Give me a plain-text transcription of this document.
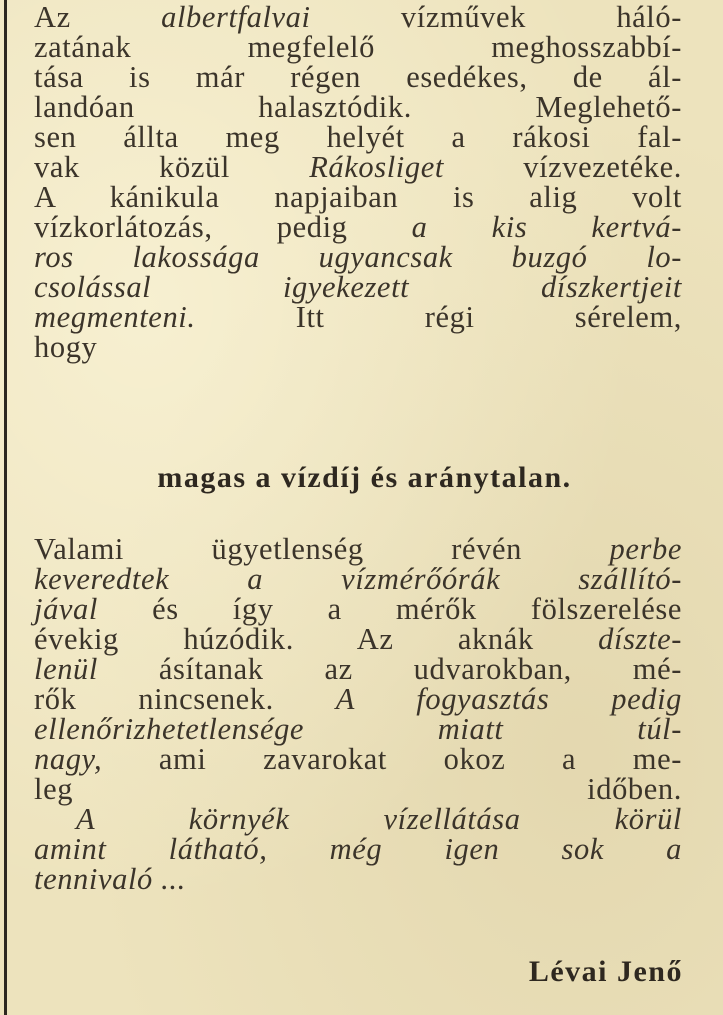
Az albertfalvai vízművek háló-
zatának megfelelő meghosszabbí-
tása is már régen esedékes, de ál-
landóan halasztódik. Meglehető-
sen állta meg helyét a rákosi fal-
vak közül Rákosliget vízvezetéke.
A kánikula napjaiban is alig volt
vízkorlátozás, pedig a kis kertvá-
ros lakossága ugyancsak buzgó lo-
csolással igyekezett díszkertjeit
megmenteni. Itt régi sérelem,
hogy
magas a vízdíj és aránytalan.
Valami ügyetlenség révén perbe
keveredtek a vízmérőórák szállító-
jával és így a mérők fölszerelése
évekig húzódik. Az aknák díszte-
lenül ásítanak az udvarokban, mé-
rők nincsenek. A fogyasztás pedig
ellenőrizhetetlensége miatt túl-
nagy, ami zavarokat okoz a me-
leg időben.
A környék vízellátása körül
amint látható, még igen sok a
tennivaló ...
Lévai Jenő
